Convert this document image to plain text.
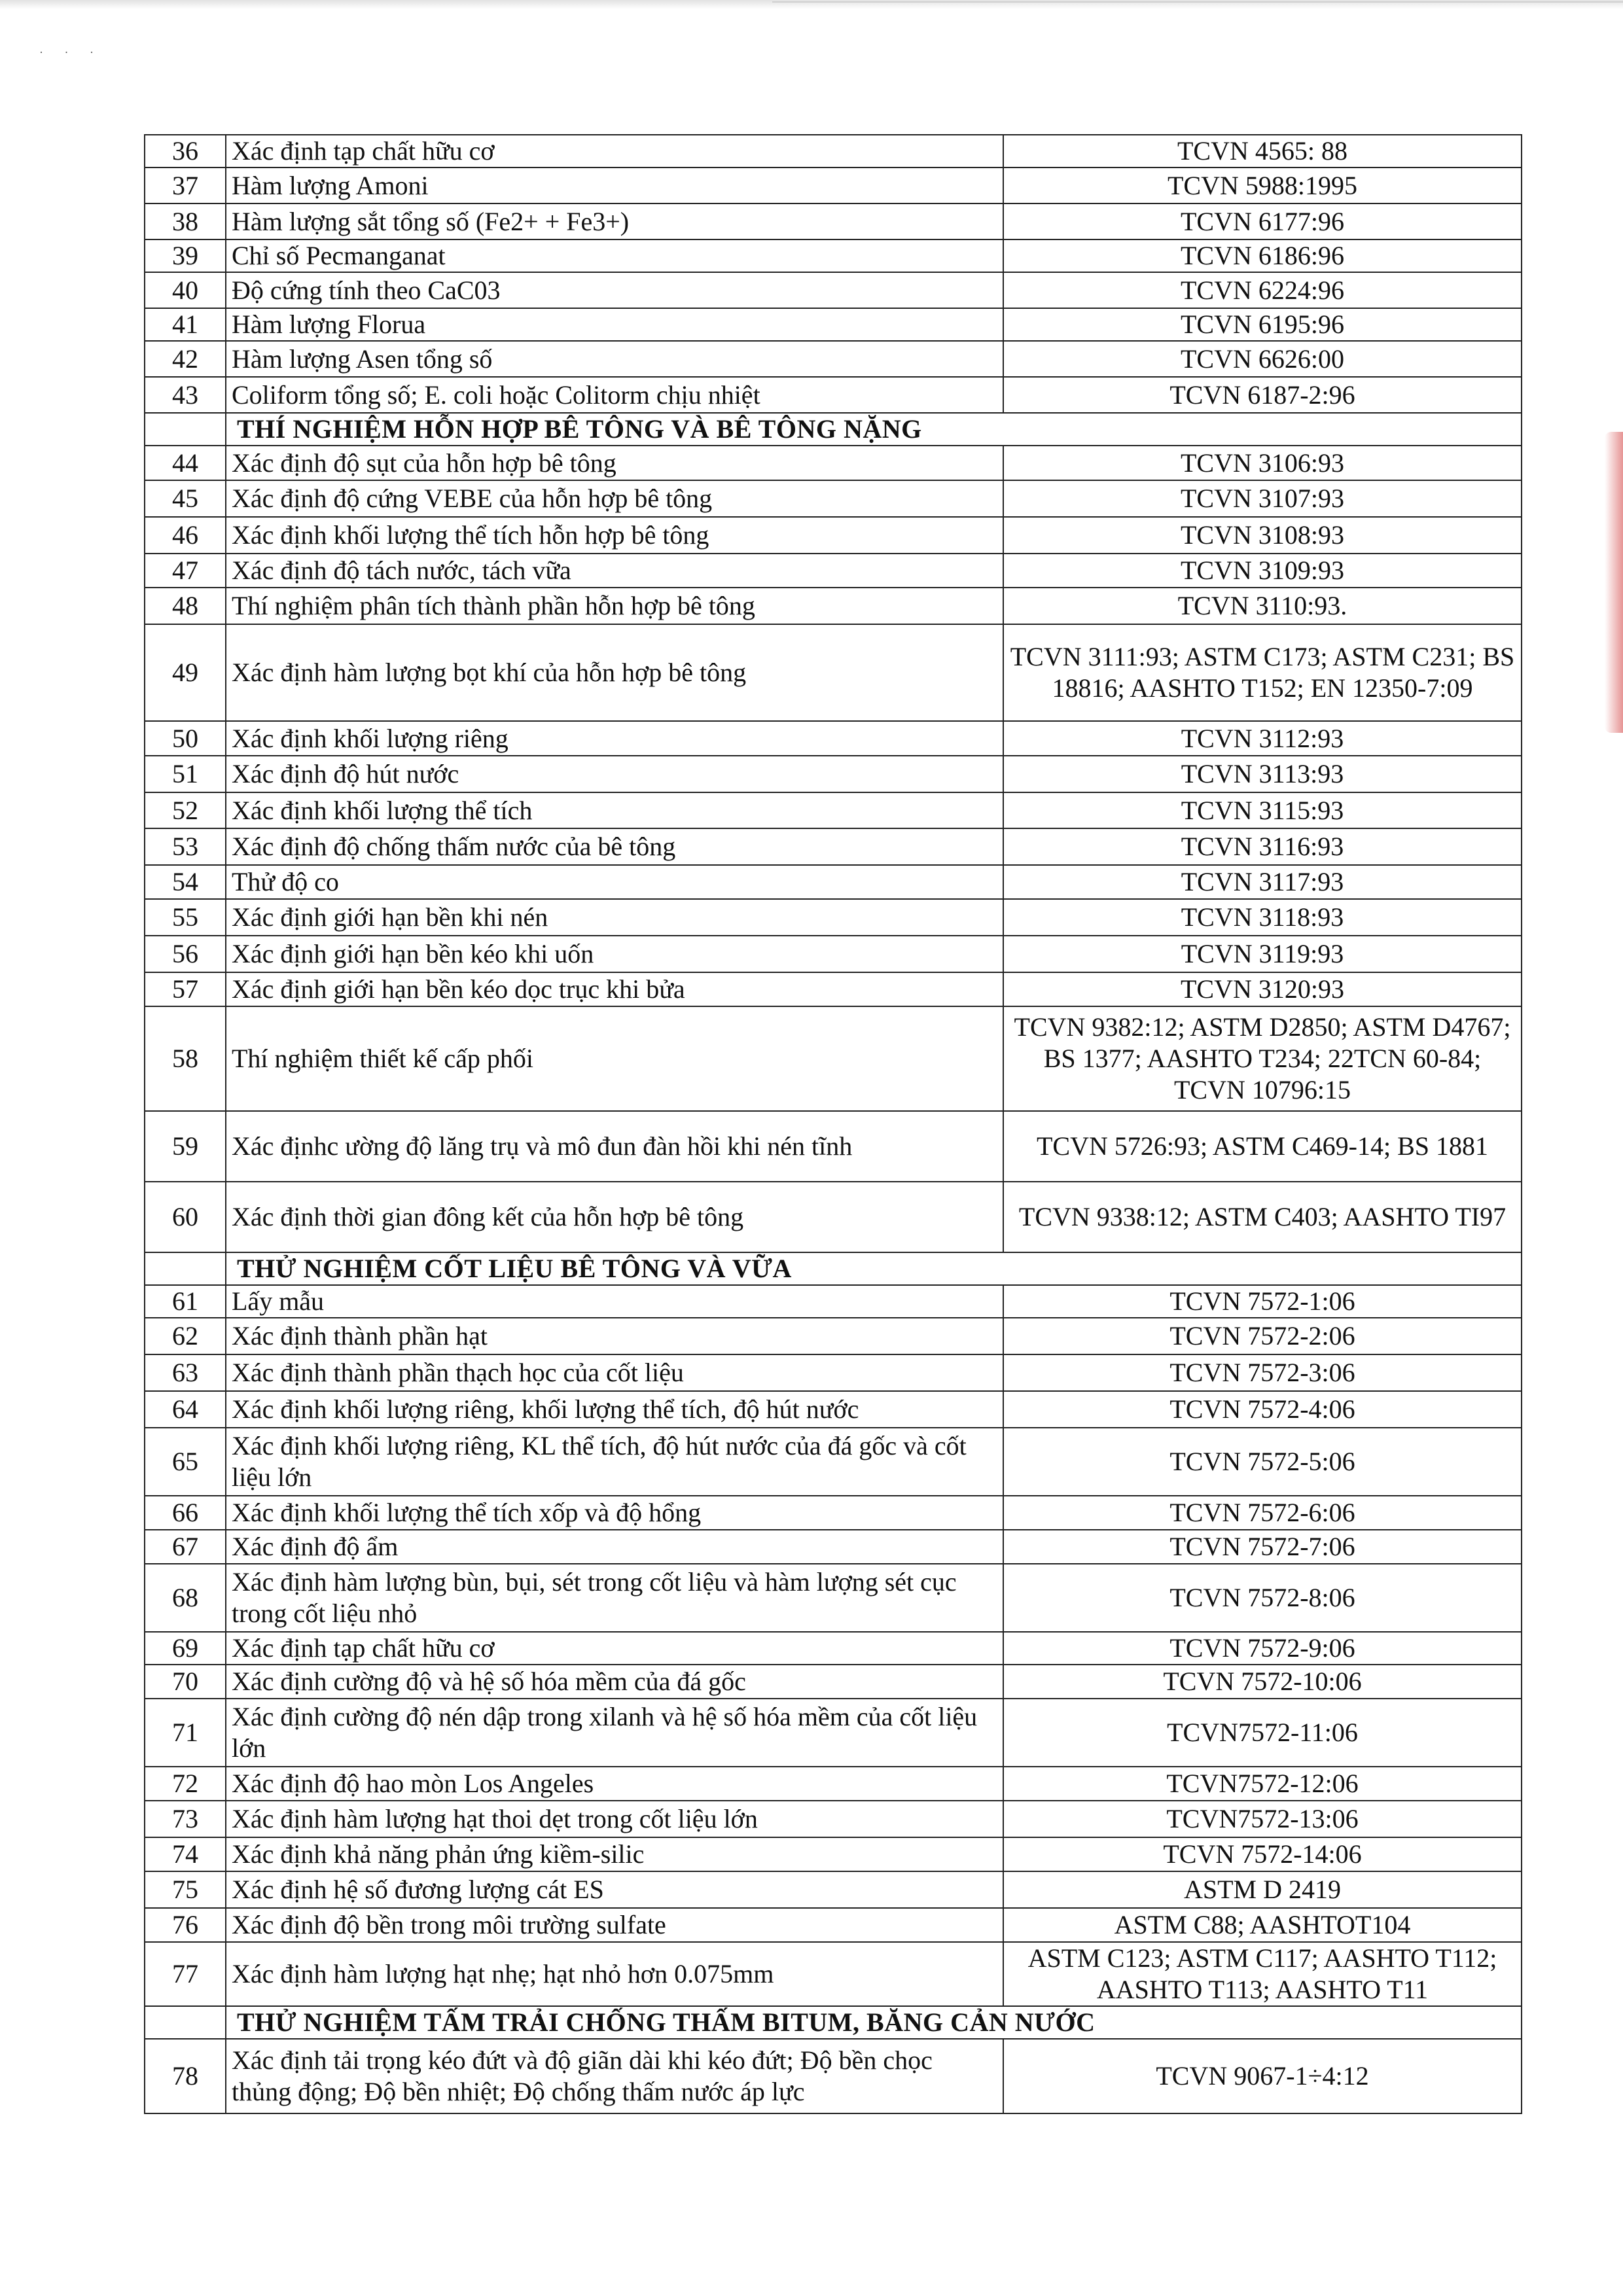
· · ·
36	Xác định tạp chất hữu cơ	TCVN 4565: 88
37	Hàm lượng Amoni	TCVN 5988:1995
38	Hàm lượng sắt tổng số (Fe2+ + Fe3+)	TCVN 6177:96
39	Chỉ số Pecmanganat	TCVN 6186:96
40	Độ cứng tính theo CaC03	TCVN 6224:96
41	Hàm lượng Florua	TCVN 6195:96
42	Hàm lượng Asen tổng số	TCVN 6626:00
43	Coliform tổng số; E. coli hoặc Colitorm chịu nhiệt	TCVN 6187-2:96
	THÍ NGHIỆM HỖN HỢP BÊ TÔNG VÀ BÊ TÔNG NẶNG	
44	Xác định độ sụt của hỗn hợp bê tông	TCVN 3106:93
45	Xác định độ cứng VEBE của hỗn hợp bê tông	TCVN 3107:93
46	Xác định khối lượng thể tích hỗn hợp bê tông	TCVN 3108:93
47	Xác định độ tách nước, tách vữa	TCVN 3109:93
48	Thí nghiệm phân tích thành phần hỗn hợp bê tông	TCVN 3110:93.
49	Xác định hàm lượng bọt khí của hỗn hợp bê tông	TCVN 3111:93; ASTM C173; ASTM C231; BS 18816; AASHTO T152; EN 12350-7:09
50	Xác định khối lượng riêng	TCVN 3112:93
51	Xác định độ hút nước	TCVN 3113:93
52	Xác định khối lượng thể tích	TCVN 3115:93
53	Xác định độ chống thấm nước của bê tông	TCVN 3116:93
54	Thử độ co	TCVN 3117:93
55	Xác định giới hạn bền khi nén	TCVN 3118:93
56	Xác định giới hạn bền kéo khi uốn	TCVN 3119:93
57	Xác định giới hạn bền kéo dọc trục khi bửa	TCVN 3120:93
58	Thí nghiệm thiết kế cấp phối	TCVN 9382:12; ASTM D2850; ASTM D4767; BS 1377; AASHTO T234; 22TCN 60-84; TCVN 10796:15
59	Xác địnhc ường độ lăng trụ và mô đun đàn hồi khi nén tĩnh	TCVN 5726:93; ASTM C469-14; BS 1881
60	Xác định thời gian đông kết của hỗn hợp bê tông	TCVN 9338:12; ASTM C403; AASHTO TI97
	THỬ NGHIỆM CỐT LIỆU BÊ TÔNG VÀ VỮA	
61	Lấy mẫu	TCVN 7572-1:06
62	Xác định thành phần hạt	TCVN 7572-2:06
63	Xác định thành phần thạch học của cốt liệu	TCVN 7572-3:06
64	Xác định khối lượng riêng, khối lượng thể tích, độ hút nước	TCVN 7572-4:06
65	Xác định khối lượng riêng, KL thể tích, độ hút nước của đá gốc và cốt liệu lớn	TCVN 7572-5:06
66	Xác định khối lượng thể tích xốp và độ hổng	TCVN 7572-6:06
67	Xác định độ ẩm	TCVN 7572-7:06
68	Xác định hàm lượng bùn, bụi, sét trong cốt liệu và hàm lượng sét cục trong cốt liệu nhỏ	TCVN 7572-8:06
69	Xác định tạp chất hữu cơ	TCVN 7572-9:06
70	Xác định cường độ và hệ số hóa mềm của đá gốc	TCVN 7572-10:06
71	Xác định cường độ nén dập trong xilanh và hệ số hóa mềm của cốt liệu lớn	TCVN7572-11:06
72	Xác định độ hao mòn Los Angeles	TCVN7572-12:06
73	Xác định hàm lượng hạt thoi dẹt trong cốt liệu lớn	TCVN7572-13:06
74	Xác định khả năng phản ứng kiềm-silic	TCVN 7572-14:06
75	Xác định hệ số đương lượng cát ES	ASTM D 2419
76	Xác định độ bền trong môi trường sulfate	ASTM C88; AASHTOT104
77	Xác định hàm lượng hạt nhẹ; hạt nhỏ hơn 0.075mm	ASTM C123; ASTM C117; AASHTO T112; AASHTO T113; AASHTO T11
	THỬ NGHIỆM TẤM TRẢI CHỐNG THẤM BITUM, BĂNG CẢN NƯỚC	
78	Xác định tải trọng kéo đứt và độ giãn dài khi kéo đứt; Độ bền chọc thủng động; Độ bền nhiệt; Độ chống thấm nước áp lực	TCVN 9067-1÷4:12
